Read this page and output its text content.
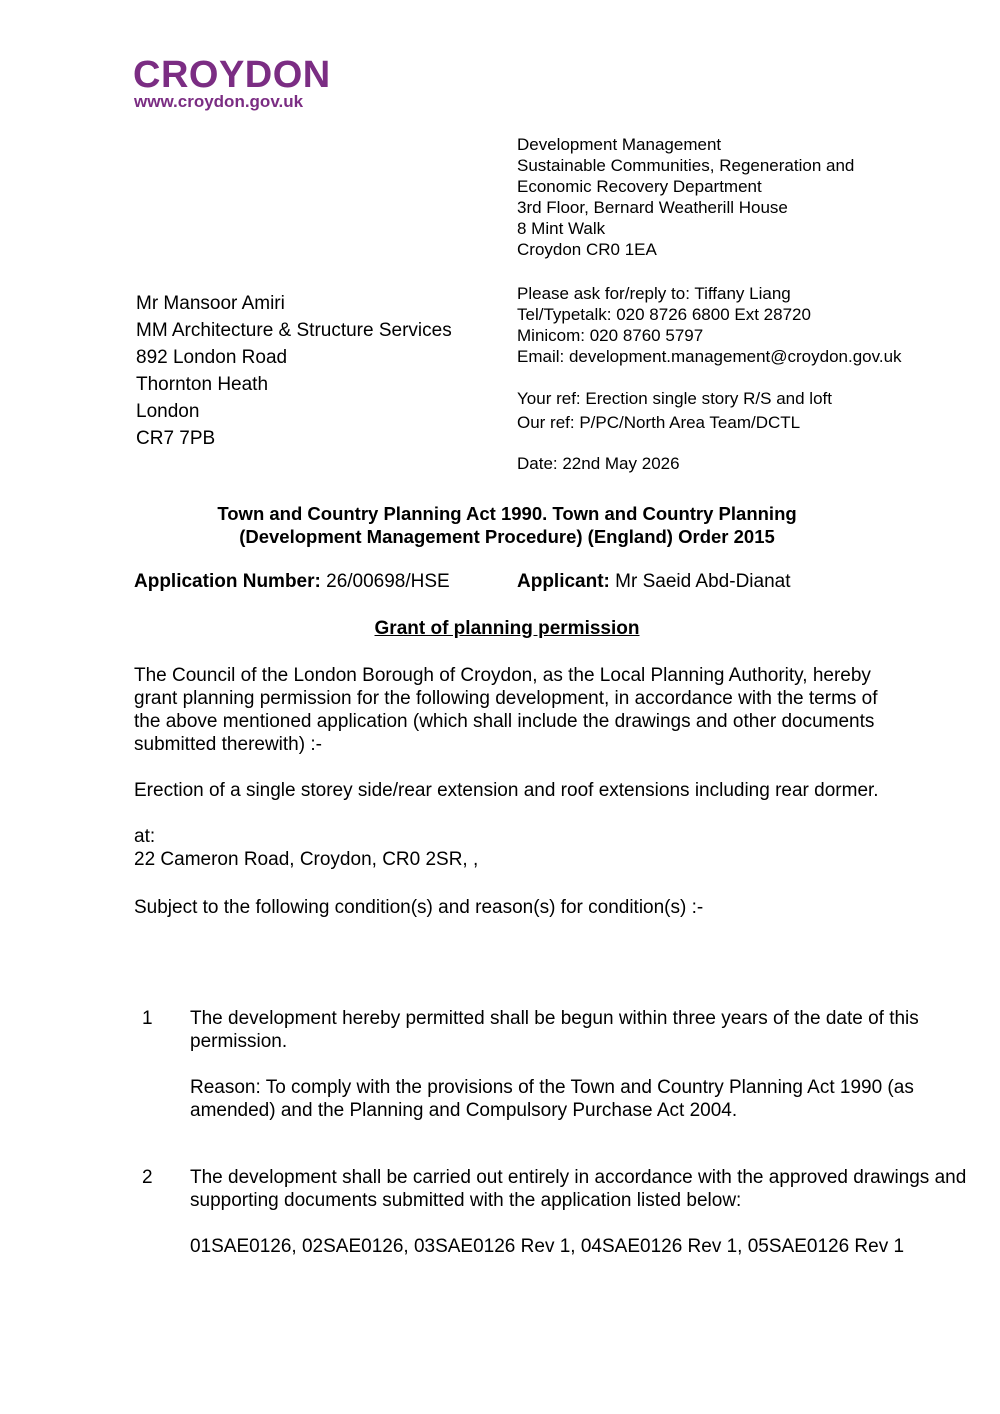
CROYDON
www.croydon.gov.uk
Development Management
Sustainable Communities, Regeneration and
Economic Recovery Department
3rd Floor, Bernard Weatherill House
8 Mint Walk
Croydon CR0 1EA
Please ask for/reply to: Tiffany Liang
Tel/Typetalk: 020 8726 6800 Ext 28720
Minicom: 020 8760 5797
Email: development.management@croydon.gov.uk
Your ref: Erection single story R/S and loft
Our ref: P/PC/North Area Team/DCTL
Date: 22nd May 2026
Mr Mansoor Amiri
MM Architecture & Structure Services
892 London Road
Thornton Heath
London
CR7 7PB
Town and Country Planning Act 1990. Town and Country Planning
(Development Management Procedure) (England) Order 2015
Application Number: 26/00698/HSE	Applicant: Mr Saeid Abd-Dianat
Grant of planning permission

The Council of the London Borough of Croydon, as the Local Planning Authority, hereby grant planning permission for the following development, in accordance with the terms of the above mentioned application (which shall include the drawings and other documents submitted therewith) :-

Erection of a single storey side/rear extension and roof extensions including rear dormer.

at:

22 Cameron Road, Croydon, CR0 2SR, ,

Subject to the following condition(s) and reason(s) for condition(s) :-

1 The development hereby permitted shall be begun within three years of the date of this permission.

Reason: To comply with the provisions of the Town and Country Planning Act 1990 (as amended) and the Planning and Compulsory Purchase Act 2004.

2 The development shall be carried out entirely in accordance with the approved drawings and supporting documents submitted with the application listed below:

01SAE0126, 02SAE0126, 03SAE0126 Rev 1, 04SAE0126 Rev 1, 05SAE0126 Rev 1
